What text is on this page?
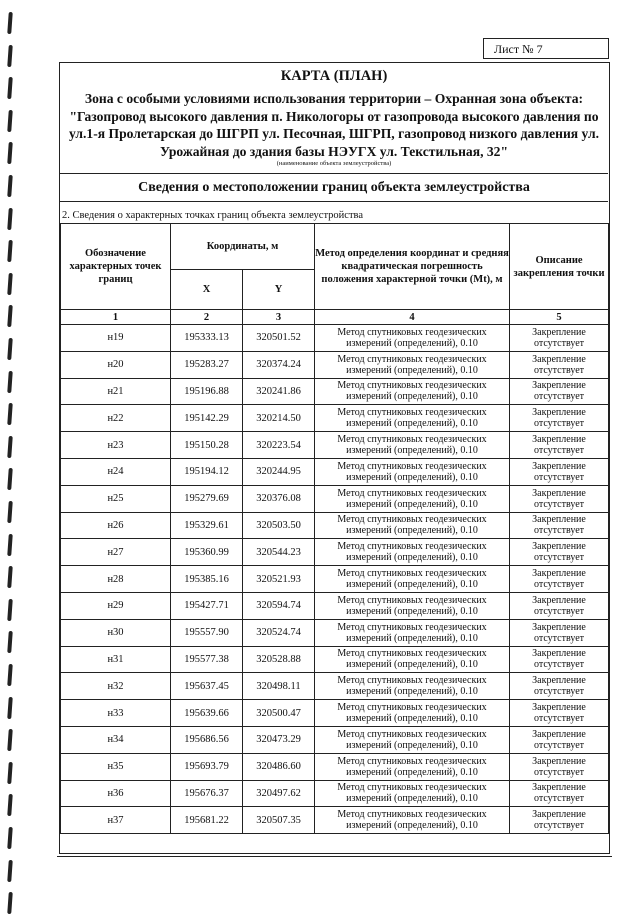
Лист № 7
КАРТА (ПЛАН)
Зона с особыми условиями использования территории – Охранная зона объекта: "Газопровод высокого давления п. Никологоры от газопровода высокого давления по ул.1-я Пролетарская до ШГРП ул. Песочная, ШГРП, газопровод низкого давления ул. Урожайная до здания базы НЭУГХ ул. Текстильная, 32"
(наименование объекта землеустройства)
Сведения о местоположении границ объекта землеустройства
2. Сведения о характерных точках границ объекта землеустройства
Обозначение характерных точек границ	Координаты, м		Метод определения координат и средняя квадратическая погрешность положения характерной точки (Mt), м	Описание закрепления точки
	X	Y		
1	2	3	4	5
н19	195333.13	320501.52	Метод спутниковых геодезических измерений (определений), 0.10	Закрепление отсутствует
н20	195283.27	320374.24	Метод спутниковых геодезических измерений (определений), 0.10	Закрепление отсутствует
н21	195196.88	320241.86	Метод спутниковых геодезических измерений (определений), 0.10	Закрепление отсутствует
н22	195142.29	320214.50	Метод спутниковых геодезических измерений (определений), 0.10	Закрепление отсутствует
н23	195150.28	320223.54	Метод спутниковых геодезических измерений (определений), 0.10	Закрепление отсутствует
н24	195194.12	320244.95	Метод спутниковых геодезических измерений (определений), 0.10	Закрепление отсутствует
н25	195279.69	320376.08	Метод спутниковых геодезических измерений (определений), 0.10	Закрепление отсутствует
н26	195329.61	320503.50	Метод спутниковых геодезических измерений (определений), 0.10	Закрепление отсутствует
н27	195360.99	320544.23	Метод спутниковых геодезических измерений (определений), 0.10	Закрепление отсутствует
н28	195385.16	320521.93	Метод спутниковых геодезических измерений (определений), 0.10	Закрепление отсутствует
н29	195427.71	320594.74	Метод спутниковых геодезических измерений (определений), 0.10	Закрепление отсутствует
н30	195557.90	320524.74	Метод спутниковых геодезических измерений (определений), 0.10	Закрепление отсутствует
н31	195577.38	320528.88	Метод спутниковых геодезических измерений (определений), 0.10	Закрепление отсутствует
н32	195637.45	320498.11	Метод спутниковых геодезических измерений (определений), 0.10	Закрепление отсутствует
н33	195639.66	320500.47	Метод спутниковых геодезических измерений (определений), 0.10	Закрепление отсутствует
н34	195686.56	320473.29	Метод спутниковых геодезических измерений (определений), 0.10	Закрепление отсутствует
н35	195693.79	320486.60	Метод спутниковых геодезических измерений (определений), 0.10	Закрепление отсутствует
н36	195676.37	320497.62	Метод спутниковых геодезических измерений (определений), 0.10	Закрепление отсутствует
н37	195681.22	320507.35	Метод спутниковых геодезических измерений (определений), 0.10	Закрепление отсутствует
